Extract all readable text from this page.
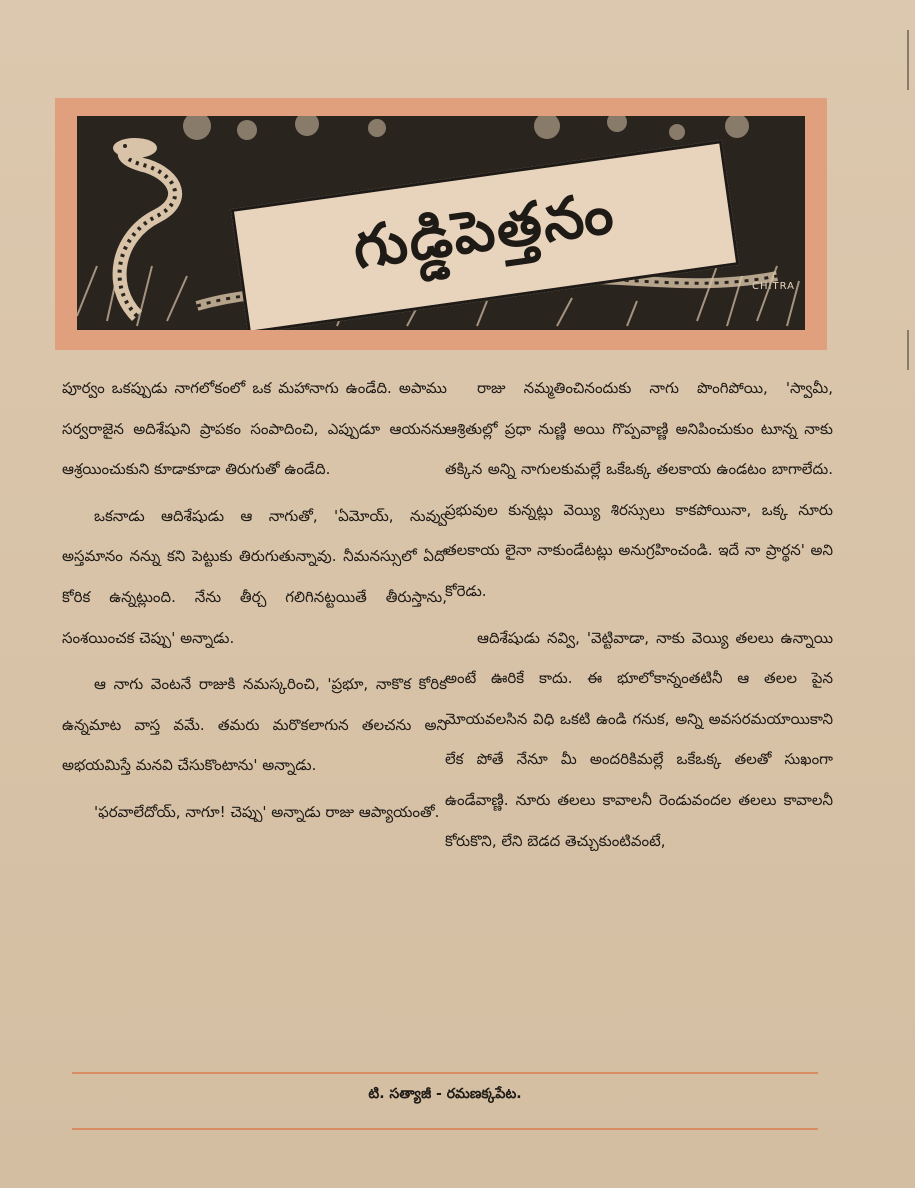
గుడ్డిపెత్తనం
CHITRA

పూర్వం ఒకప్పుడు నాగలోకంలో ఒక మహానాగు ఉండేది. అపాము సర్వరాజైన అదిశేషుని ప్రాపకం సంపాదించి, ఎప్పుడూ ఆయనను ఆశ్రయించుకుని కూడాకూడా తిరుగుతో ఉండేది.

ఒకనాడు ఆదిశేషుడు ఆ నాగుతో, 'ఏమోయ్, నువ్వు అస్తమానం నన్ను కని పెట్టుకు తిరుగుతున్నావు. నీమనస్సులో ఏదో కోరిక ఉన్నట్లుంది. నేను తీర్చ గలిగినట్టయితే తీరుస్తాను, సంశయించక చెప్పు' అన్నాడు.

ఆ నాగు వెంటనే రాజుకి నమస్కరించి, 'ప్రభూ, నాకొక కోరిక ఉన్నమాట వాస్త వమే. తమరు మరొకలాగున తలచను అని అభయమిస్తే మనవి చేసుకొంటాను' అన్నాడు.

'ఫరవాలేదోయ్, నాగూ! చెప్పు' అన్నాడు రాజు ఆప్యాయంతో.

రాజు నమ్మతించినందుకు నాగు పొంగిపోయి, 'స్వామీ, ఆశ్రితుల్లో ప్రధా నుణ్ణి అయి గొప్పవాణ్ణి అనిపించుకుం టూన్న నాకు తక్కిన అన్ని నాగులకుమల్లే ఒకేఒక్క తలకాయ ఉండటం బాగాలేదు. ప్రభువుల కున్నట్లు వెయ్యి శిరస్సులు కాకపోయినా, ఒక్క నూరు తలకాయ లైనా నాకుండేటట్లు అనుగ్రహించండి. ఇదే నా ప్రార్థన' అని కోరెడు.

ఆదిశేషుడు నవ్వి, 'వెట్టివాడా, నాకు వెయ్యి తలలు ఉన్నాయి అంటే ఊరికే కాదు. ఈ భూలోకాన్నంతటినీ ఆ తలల పైన మోయవలసిన విధి ఒకటి ఉండి గనుక, అన్ని అవసరమయాయికాని లేక పోతే నేనూ మీ అందరికిమల్లే ఒకేఒక్క తలతో సుఖంగా ఉండేవాణ్ణి. నూరు తలలు కావాలనీ రెండువందల తలలు కావాలనీ కోరుకొని, లేని బెడద తెచ్చుకుంటివంటే,

టి. సత్యాజీ - రమణక్కపేట.
